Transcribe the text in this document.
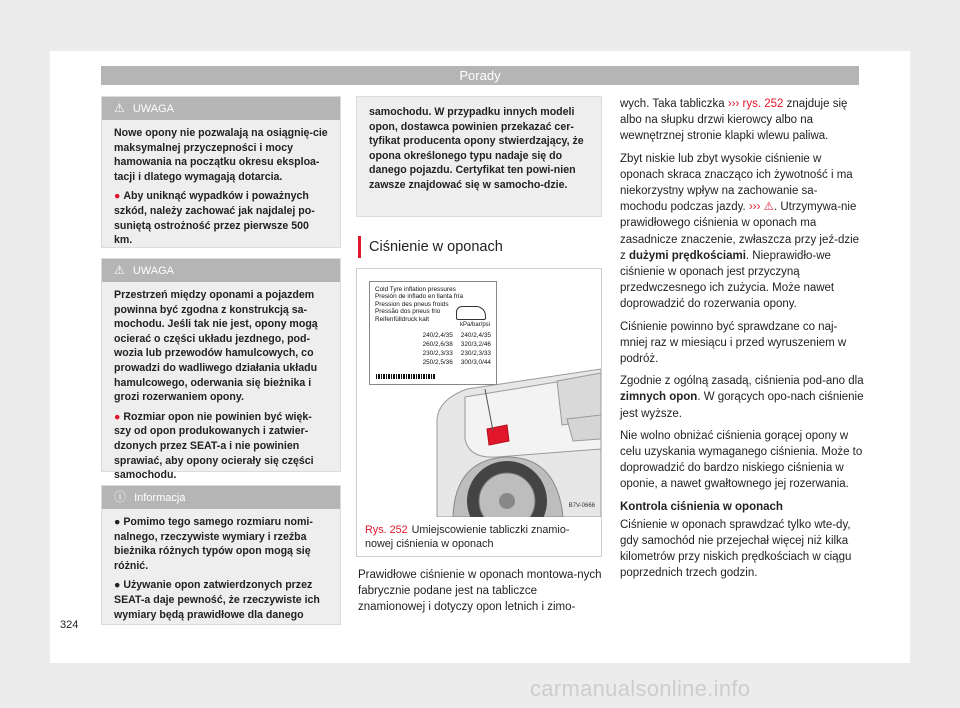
Porady
⚠ UWAGA

Nowe opony nie pozwalają na osiągnię-cie maksymalnej przyczepności i mocy hamowania na początku okresu eksploa-tacji i dlatego wymagają dotarcia.

● Aby uniknąć wypadków i poważnych szkód, należy zachować jak najdalej po-suniętą ostrożność przez pierwsze 500 km.

⚠ UWAGA

Przestrzeń między oponami a pojazdem powinna być zgodna z konstrukcją sa-mochodu. Jeśli tak nie jest, opony mogą ocierać o części układu jezdnego, pod-wozia lub przewodów hamulcowych, co prowadzi do wadliwego działania układu hamulcowego, oderwania się bieżnika i grozi rozerwaniem opony.

● Rozmiar opon nie powinien być więk-szy od opon produkowanych i zatwier-dzonych przez SEAT-a i nie powinien sprawiać, aby opony ocierały się części samochodu.

ⓘ Informacja

● Pomimo tego samego rozmiaru nomi-nalnego, rzeczywiste wymiary i rzeźba bieżnika różnych typów opon mogą się różnić.

● Używanie opon zatwierdzonych przez SEAT-a daje pewność, że rzeczywiste ich wymiary będą prawidłowe dla danego

samochodu. W przypadku innych modeli opon, dostawca powinien przekazać cer-tyfikat producenta opony stwierdzający, że opona określonego typu nadaje się do danego pojazdu. Certyfikat ten powi-nien zawsze znajdować się w samocho-dzie.

Ciśnienie w oponach
Cold Tyre inflation pressures
Presión de inflado en llanta fría
Pression des pneus froids
Pressão dos pneus frio
Reifenfülldruck kalt
kPa/bar/psi
240/2,4/35 240/2,4/35
260/2,6/38 320/3,2/46
230/2,3/33 230/2,3/33
250/2,5/36 300/3,0/44
B7V-0666
Rys. 252 Umiejscowienie tabliczki znamio-nowej ciśnienia w oponach

Prawidłowe ciśnienie w oponach montowa-nych fabrycznie podane jest na tabliczce znamionowej i dotyczy opon letnich i zimo-

wych. Taka tabliczka ››› rys. 252 znajduje się albo na słupku drzwi kierowcy albo na wewnętrznej stronie klapki wlewu paliwa.

Zbyt niskie lub zbyt wysokie ciśnienie w oponach skraca znacząco ich żywotność i ma niekorzystny wpływ na zachowanie sa-mochodu podczas jazdy. ››› ⚠. Utrzymywa-nie prawidłowego ciśnienia w oponach ma zasadnicze znaczenie, zwłaszcza przy jeź-dzie z dużymi prędkościami. Nieprawidło-we ciśnienie w oponach jest przyczyną przedwczesnego ich zużycia. Może nawet doprowadzić do rozerwania opony.

Ciśnienie powinno być sprawdzane co naj-mniej raz w miesiącu i przed wyruszeniem w podróż.

Zgodnie z ogólną zasadą, ciśnienia pod-ano dla zimnych opon. W gorących opo-nach ciśnienie jest wyższe.

Nie wolno obniżać ciśnienia gorącej opony w celu uzyskania wymaganego ciśnienia. Może to doprowadzić do bardzo niskiego ciśnienia w oponie, a nawet gwałtownego jej rozerwania.

Kontrola ciśnienia w oponach

Ciśnienie w oponach sprawdzać tylko wte-dy, gdy samochód nie przejechał więcej niż kilka kilometrów przy niskich prędkościach w ciągu poprzednich trzech godzin.

324
carmanualsonline.info
